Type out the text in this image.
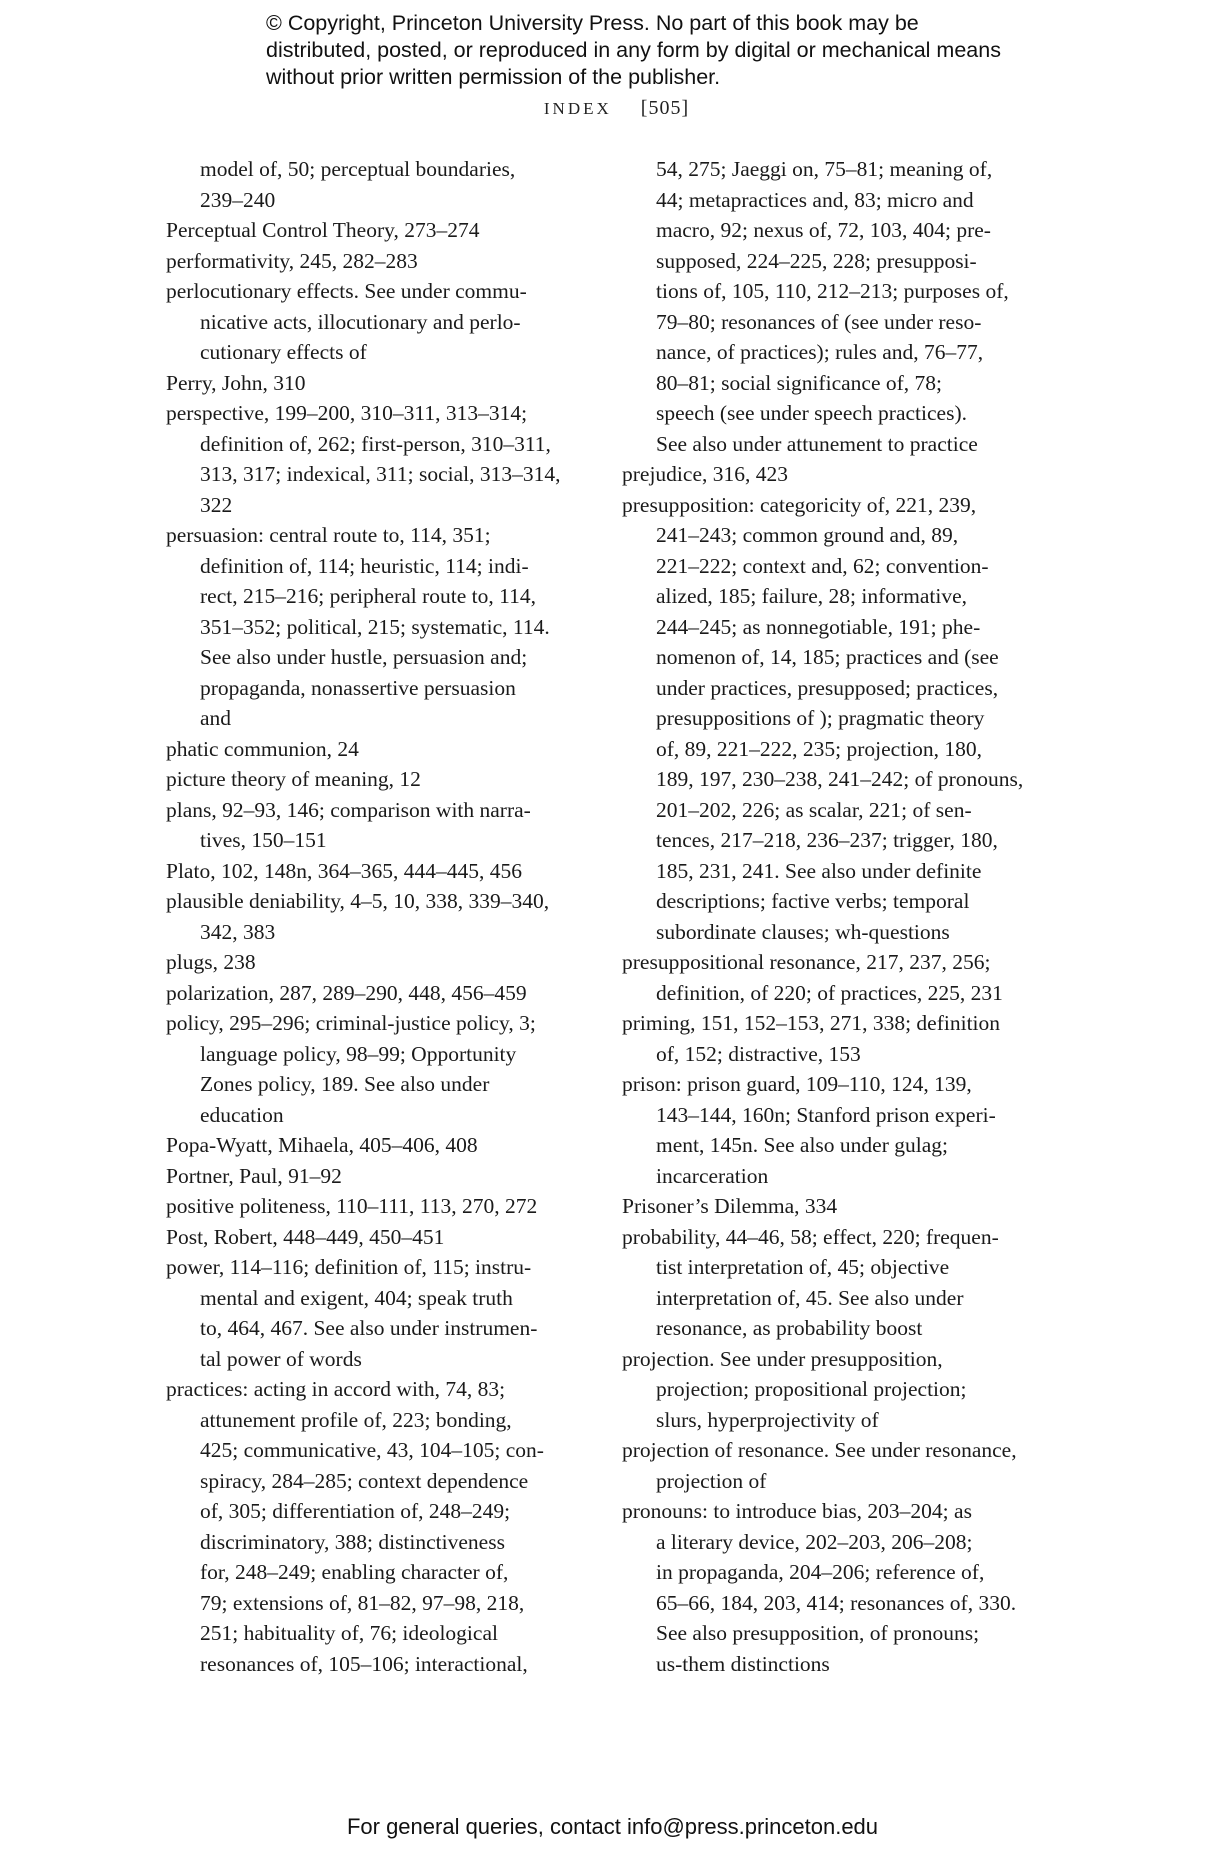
© Copyright, Princeton University Press. No part of this book may be distributed, posted, or reproduced in any form by digital or mechanical means without prior written permission of the publisher.
INDEX [505]
model of, 50; perceptual boundaries,
239–240
Perceptual Control Theory, 273–274
performativity, 245, 282–283
perlocutionary effects. See under commu-
nicative acts, illocutionary and perlo-
cutionary effects of
Perry, John, 310
perspective, 199–200, 310–311, 313–314;
definition of, 262; first-person, 310–311,
313, 317; indexical, 311; social, 313–314,
322
persuasion: central route to, 114, 351;
definition of, 114; heuristic, 114; indi-
rect, 215–216; peripheral route to, 114,
351–352; political, 215; systematic, 114.
See also under hustle, persuasion and;
propaganda, nonassertive persuasion
and
phatic communion, 24
picture theory of meaning, 12
plans, 92–93, 146; comparison with narra-
tives, 150–151
Plato, 102, 148n, 364–365, 444–445, 456
plausible deniability, 4–5, 10, 338, 339–340,
342, 383
plugs, 238
polarization, 287, 289–290, 448, 456–459
policy, 295–296; criminal-justice policy, 3;
language policy, 98–99; Opportunity
Zones policy, 189. See also under
education
Popa-Wyatt, Mihaela, 405–406, 408
Portner, Paul, 91–92
positive politeness, 110–111, 113, 270, 272
Post, Robert, 448–449, 450–451
power, 114–116; definition of, 115; instru-
mental and exigent, 404; speak truth
to, 464, 467. See also under instrumen-
tal power of words
practices: acting in accord with, 74, 83;
attunement profile of, 223; bonding,
425; communicative, 43, 104–105; con-
spiracy, 284–285; context dependence
of, 305; differentiation of, 248–249;
discriminatory, 388; distinctiveness
for, 248–249; enabling character of,
79; extensions of, 81–82, 97–98, 218,
251; habituality of, 76; ideological
resonances of, 105–106; interactional,
54, 275; Jaeggi on, 75–81; meaning of,
44; metapractices and, 83; micro and
macro, 92; nexus of, 72, 103, 404; pre-
supposed, 224–225, 228; presupposi-
tions of, 105, 110, 212–213; purposes of,
79–80; resonances of (see under reso-
nance, of practices); rules and, 76–77,
80–81; social significance of, 78;
speech (see under speech practices).
See also under attunement to practice
prejudice, 316, 423
presupposition: categoricity of, 221, 239,
241–243; common ground and, 89,
221–222; context and, 62; convention-
alized, 185; failure, 28; informative,
244–245; as nonnegotiable, 191; phe-
nomenon of, 14, 185; practices and (see
under practices, presupposed; practices,
presuppositions of ); pragmatic theory
of, 89, 221–222, 235; projection, 180,
189, 197, 230–238, 241–242; of pronouns,
201–202, 226; as scalar, 221; of sen-
tences, 217–218, 236–237; trigger, 180,
185, 231, 241. See also under definite
descriptions; factive verbs; temporal
subordinate clauses; wh-questions
presuppositional resonance, 217, 237, 256;
definition, of 220; of practices, 225, 231
priming, 151, 152–153, 271, 338; definition
of, 152; distractive, 153
prison: prison guard, 109–110, 124, 139,
143–144, 160n; Stanford prison experi-
ment, 145n. See also under gulag;
incarceration
Prisoner’s Dilemma, 334
probability, 44–46, 58; effect, 220; frequen-
tist interpretation of, 45; objective
interpretation of, 45. See also under
resonance, as probability boost
projection. See under presupposition,
projection; propositional projection;
slurs, hyperprojectivity of
projection of resonance. See under resonance,
projection of
pronouns: to introduce bias, 203–204; as
a literary device, 202–203, 206–208;
in propaganda, 204–206; reference of,
65–66, 184, 203, 414; resonances of, 330.
See also presupposition, of pronouns;
us-them distinctions
For general queries, contact info@press.princeton.edu
